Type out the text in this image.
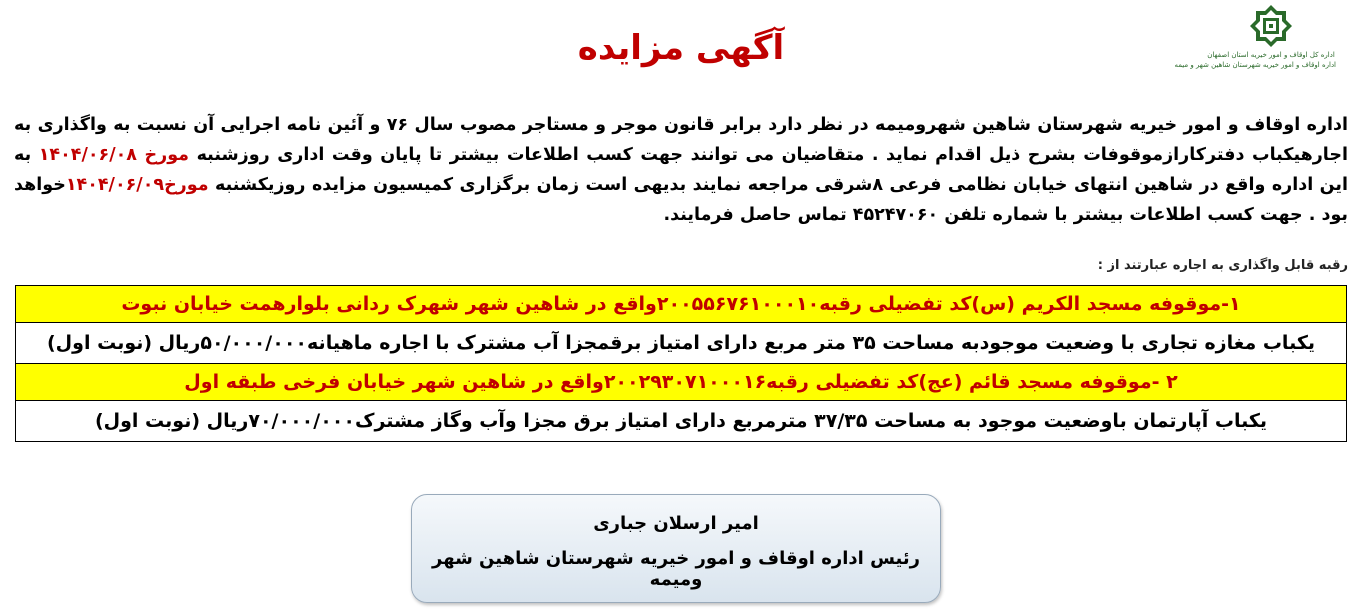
اداره کل اوقاف و امور خیریه استان اصفهان
اداره اوقاف و امور خیریه شهرستان شاهین شهر و میمه
آگهی مزایده
اداره اوقاف و امور خیریه شهرستان شاهین شهرومیمه در نظر دارد برابر قانون موجر و مستاجر مصوب سال ۷۶ و آئین نامه اجرایی آن نسبت به واگذاری به اجارهیکباب دفترکارازموقوفات بشرح ذیل اقدام نماید . متقاضیان می توانند جهت کسب اطلاعات بیشتر تا پایان وقت اداری روزشنبه مورخ ۱۴۰۴/۰۶/۰۸ به این اداره واقع در شاهین انتهای خیابان نظامی فرعی ۸شرقی مراجعه نمایند بدیهی است زمان برگزاری کمیسیون مزایده روزیکشنبه مورخ۱۴۰۴/۰۶/۰۹خواهد بود . جهت کسب اطلاعات بیشتر با شماره تلفن ۴۵۲۴۷۰۶۰ تماس حاصل فرمایند.
رقبه قابل واگذاری به اجاره عبارتند از :
۱-موقوفه مسجد الکریم (س)کد تفضیلی رقبه۲۰۰۵۵۶۷۶۱۰۰۰۱۰واقع در شاهین شهر شهرک ردانی بلوارهمت خیابان نبوت
یکباب مغازه تجاری با وضعیت موجودبه مساحت ۳۵ متر مربع دارای امتیاز برقمجزا آب مشترک با اجاره ماهیانه۵۰/۰۰۰/۰۰۰ریال (نوبت اول)
۲ -موقوفه مسجد قائم (عج)کد تفضیلی رقبه۲۰۰۲۹۳۰۷۱۰۰۰۱۶واقع در شاهین شهر خیابان فرخی طبقه اول
یکباب آپارتمان باوضعیت موجود به مساحت ۳۷/۳۵ مترمربع دارای امتیاز برق مجزا وآب وگاز مشترک۷۰/۰۰۰/۰۰۰ریال (نوبت اول)
امیر ارسلان جباری
رئیس اداره اوقاف و امور خیریه شهرستان شاهین شهر ومیمه
